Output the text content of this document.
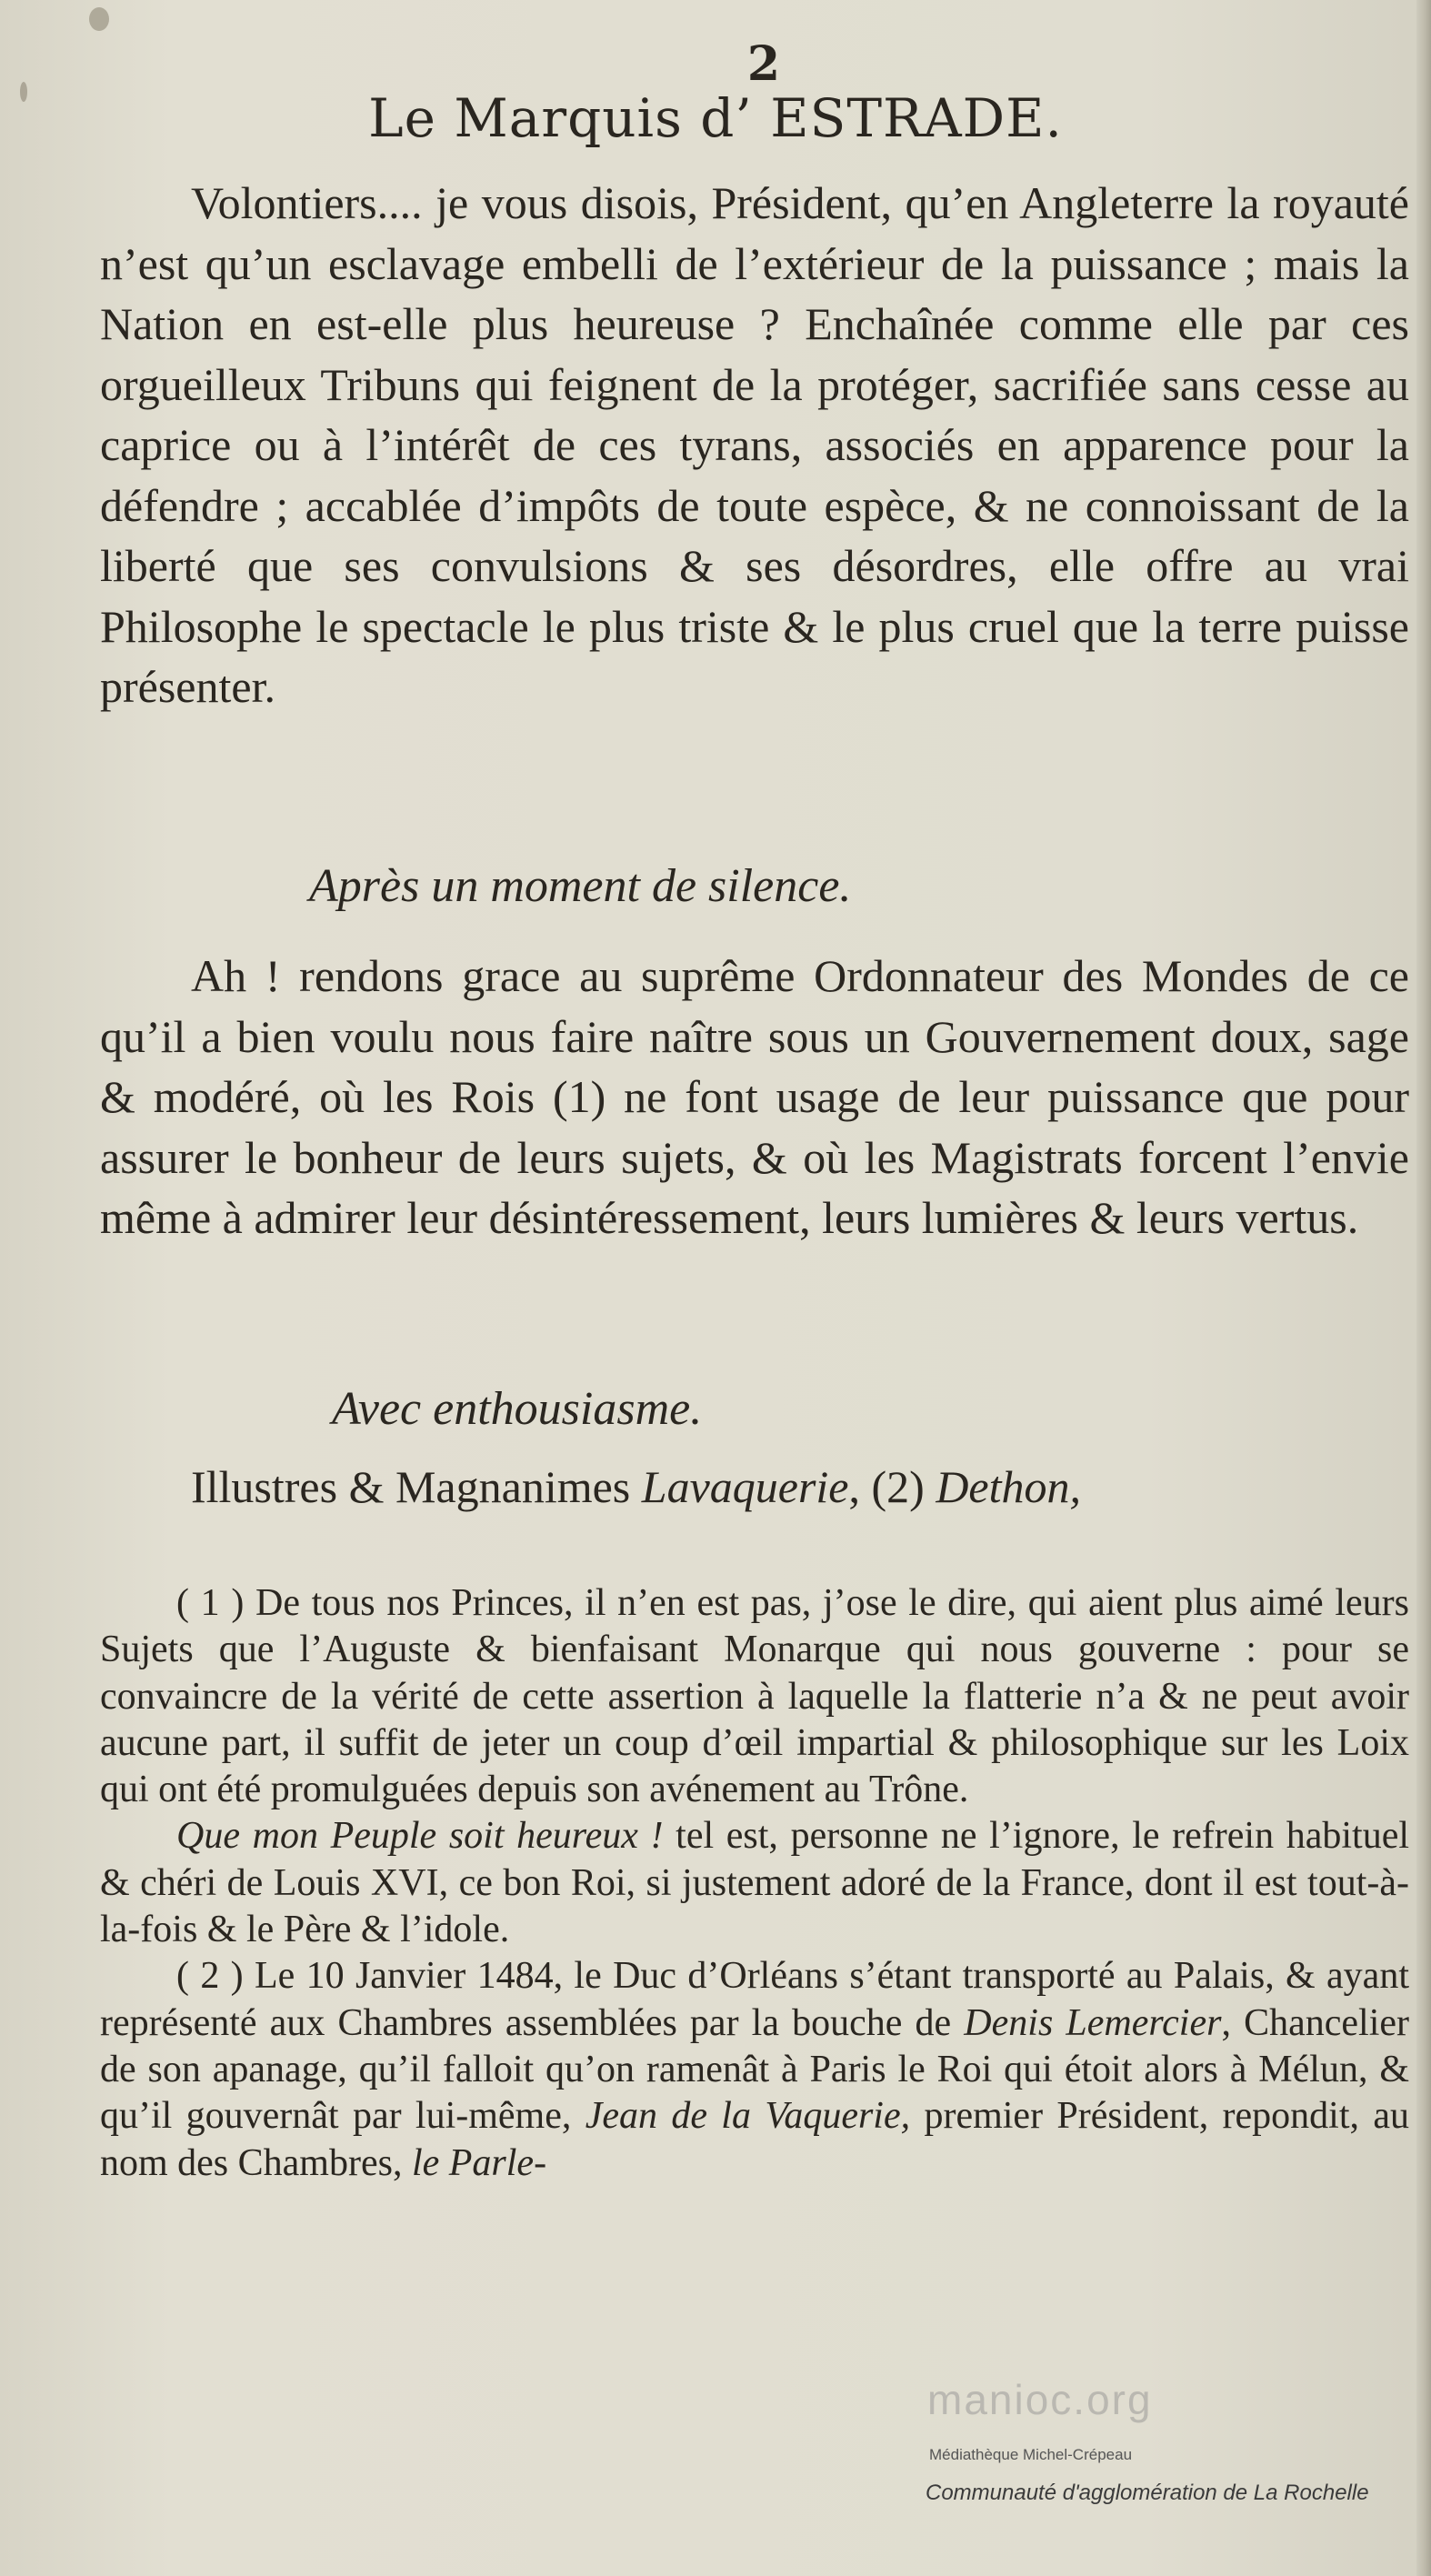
2
Le Marquis d’ ESTRADE.

Volontiers.... je vous disois, Président, qu’en Angleterre la royauté n’est qu’un esclavage embelli de l’extérieur de la puissance ; mais la Nation en est-elle plus heureuse ? Enchaînée comme elle par ces orgueilleux Tribuns qui feignent de la protéger, sacrifiée sans cesse au caprice ou à l’intérêt de ces tyrans, associés en apparence pour la défendre ; accablée d’impôts de toute espèce, & ne connoissant de la liberté que ses convulsions & ses désordres, elle offre au vrai Philosophe le spectacle le plus triste & le plus cruel que la terre puisse présenter.

Après un moment de silence.

Ah ! rendons grace au suprême Ordonnateur des Mondes de ce qu’il a bien voulu nous faire naître sous un Gouvernement doux, sage & modéré, où les Rois (1) ne font usage de leur puissance que pour assurer le bonheur de leurs sujets, & où les Magistrats forcent l’envie même à admirer leur désintéressement, leurs lumières & leurs vertus.

Avec enthousiasme.

Illustres & Magnanimes Lavaquerie, (2) Dethon,

( 1 ) De tous nos Princes, il n’en est pas, j’ose le dire, qui aient plus aimé leurs Sujets que l’Auguste & bienfaisant Monarque qui nous gouverne : pour se convaincre de la vérité de cette assertion à laquelle la flatterie n’a & ne peut avoir aucune part, il suffit de jeter un coup d’œil impartial & philosophique sur les Loix qui ont été promulguées depuis son avénement au Trône.

Que mon Peuple soit heureux ! tel est, personne ne l’ignore, le refrein habituel & chéri de Louis XVI, ce bon Roi, si justement adoré de la France, dont il est tout-à-la-fois & le Père & l’idole.

( 2 ) Le 10 Janvier 1484, le Duc d’Orléans s’étant transporté au Palais, & ayant représenté aux Chambres assemblées par la bouche de Denis Lemercier, Chancelier de son apanage, qu’il falloit qu’on ramenât à Paris le Roi qui étoit alors à Mélun, & qu’il gouvernât par lui-même, Jean de la Vaquerie, premier Président, repondit, au nom des Chambres, le Parle-

manioc.org
Médiathèque Michel-Crépeau
Communauté d'agglomération de La Rochelle
